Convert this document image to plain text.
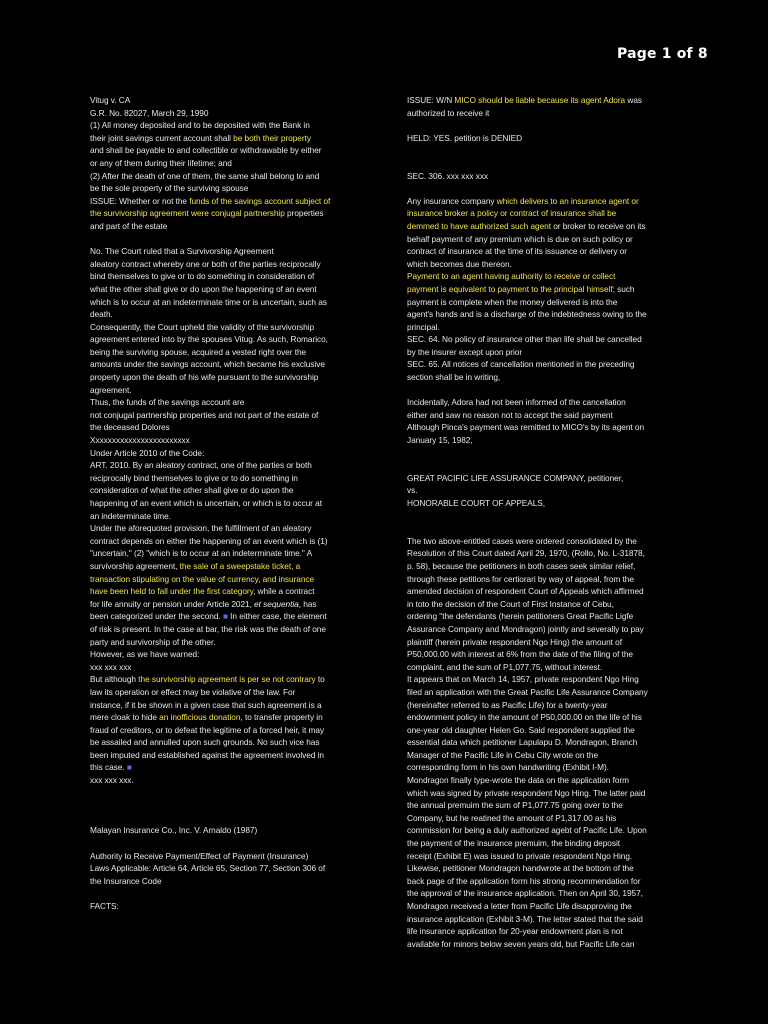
Page 1 of 8
Vitug v. CA
G.R. No. 82027, March 29, 1990
(1) All money deposited and to be deposited with the Bank in
their joint savings current account shall be both their property
and shall be payable to and collectible or withdrawable by either
or any of them during their lifetime; and
(2) After the death of one of them, the same shall belong to and
be the sole property of the surviving spouse
ISSUE: Whether or not the funds of the savings account subject of
the survivorship agreement were conjugal partnership properties
and part of the estate
No. The Court ruled that a Survivorship Agreement
aleatory contract whereby one or both of the parties reciprocally
bind themselves to give or to do something in consideration of
what the other shall give or do upon the happening of an event
which is to occur at an indeterminate time or is uncertain, such as
death.
Consequently, the Court upheld the validity of the survivorship
agreement entered into by the spouses Vitug. As such, Romarico,
being the surviving spouse, acquired a vested right over the
amounts under the savings account, which became his exclusive
property upon the death of his wife pursuant to the survivorship
agreement.
Thus, the funds of the savings account are
not conjugal partnership properties and not part of the estate of
the deceased Dolores
Xxxxxxxxxxxxxxxxxxxxxxxx
Under Article 2010 of the Code:
ART. 2010. By an aleatory contract, one of the parties or both
reciprocally bind themselves to give or to do something in
consideration of what the other shall give or do upon the
happening of an event which is uncertain, or which is to occur at
an indeterminate time.
Under the aforequoted provision, the fulfillment of an aleatory
contract depends on either the happening of an event which is (1)
"uncertain," (2) "which is to occur at an indeterminate time." A
survivorship agreement, the sale of a sweepstake ticket, a
transaction stipulating on the value of currency, and insurance
have been held to fall under the first category, while a contract
for life annuity or pension under Article 2021, et sequentia, has
been categorized under the second. ■ In either case, the element
of risk is present. In the case at bar, the risk was the death of one
party and survivorship of the other.
However, as we have warned:
xxx xxx xxx
But although the survivorship agreement is per se not contrary to
law its operation or effect may be violative of the law. For
instance, if it be shown in a given case that such agreement is a
mere cloak to hide an inofficious donation, to transfer property in
fraud of creditors, or to defeat the legitime of a forced heir, it may
be assailed and annulled upon such grounds. No such vice has
been imputed and established against the agreement involved in
this case. ■
xxx xxx xxx.
Malayan Insurance Co., Inc. V. Arnaldo (1987)
Authority to Receive Payment/Effect of Payment (Insurance)
Laws Applicable: Article 64, Article 65, Section 77, Section 306 of
the Insurance Code
FACTS:
ISSUE: W/N MICO should be liable because its agent Adora was
authorized to receive it
HELD: YES. petition is DENIED
SEC. 306. xxx xxx xxx
Any insurance company which delivers to an insurance agent or
insurance broker a policy or contract of insurance shall be
demmed to have authorized such agent or broker to receive on its
behalf payment of any premium which is due on such policy or
contract of insurance at the time of its issuance or delivery or
which becomes due thereon.
Payment to an agent having authority to receive or collect
payment is equivalent to payment to the principal himself; such
payment is complete when the money delivered is into the
agent's hands and is a discharge of the indebtedness owing to the
principal.
SEC. 64. No policy of insurance other than life shall be cancelled
by the insurer except upon prior
SEC. 65. All notices of cancellation mentioned in the preceding
section shall be in writing,
Incidentally, Adora had not been informed of the cancellation
either and saw no reason not to accept the said payment
Although Pinca's payment was remitted to MICO's by its agent on
January 15, 1982,
GREAT PACIFIC LIFE ASSURANCE COMPANY, petitioner,
vs.
HONORABLE COURT OF APPEALS,
The two above-entitled cases were ordered consolidated by the
Resolution of this Court dated April 29, 1970, (Rollo, No. L-31878,
p. 58), because the petitioners in both cases seek similar relief,
through these petitions for certiorari by way of appeal, from the
amended decision of respondent Court of Appeals which affirmed
in toto the decision of the Court of First Instance of Cebu,
ordering "the defendants (herein petitioners Great Pacific Ligfe
Assurance Company and Mondragon) jointly and severally to pay
plaintiff (herein private respondent Ngo Hing) the amount of
P50,000.00 with interest at 6% from the date of the filing of the
complaint, and the sum of P1,077.75, without interest.
It appears that on March 14, 1957, private respondent Ngo Hing
filed an application with the Great Pacific Life Assurance Company
(hereinafter referred to as Pacific Life) for a twenty-year
endownment policy in the amount of P50,000.00 on the life of his
one-year old daughter Helen Go. Said respondent supplied the
essential data which petitioner Lapulapu D. Mondragon, Branch
Manager of the Pacific Life in Cebu City wrote on the
corresponding form in his own handwriting (Exhibit I-M).
Mondragon finally type-wrote the data on the application form
which was signed by private respondent Ngo Hing. The latter paid
the annual premuim the sum of P1,077.75 going over to the
Company, but he reatined the amount of P1,317.00 as his
commission for being a duly authorized agebt of Pacific Life. Upon
the payment of the insurance premuim, the binding deposit
receipt (Exhibit E) was issued to private respondent Ngo Hing.
Likewise, petitioner Mondragon handwrote at the bottom of the
back page of the application form his strong recommendation for
the approval of the insurance application. Then on April 30, 1957,
Mondragon received a letter from Pacific Life disapproving the
insurance application (Exhibit 3-M). The letter stated that the said
life insurance application for 20-year endowment plan is not
available for minors below seven years old, but Pacific Life can
